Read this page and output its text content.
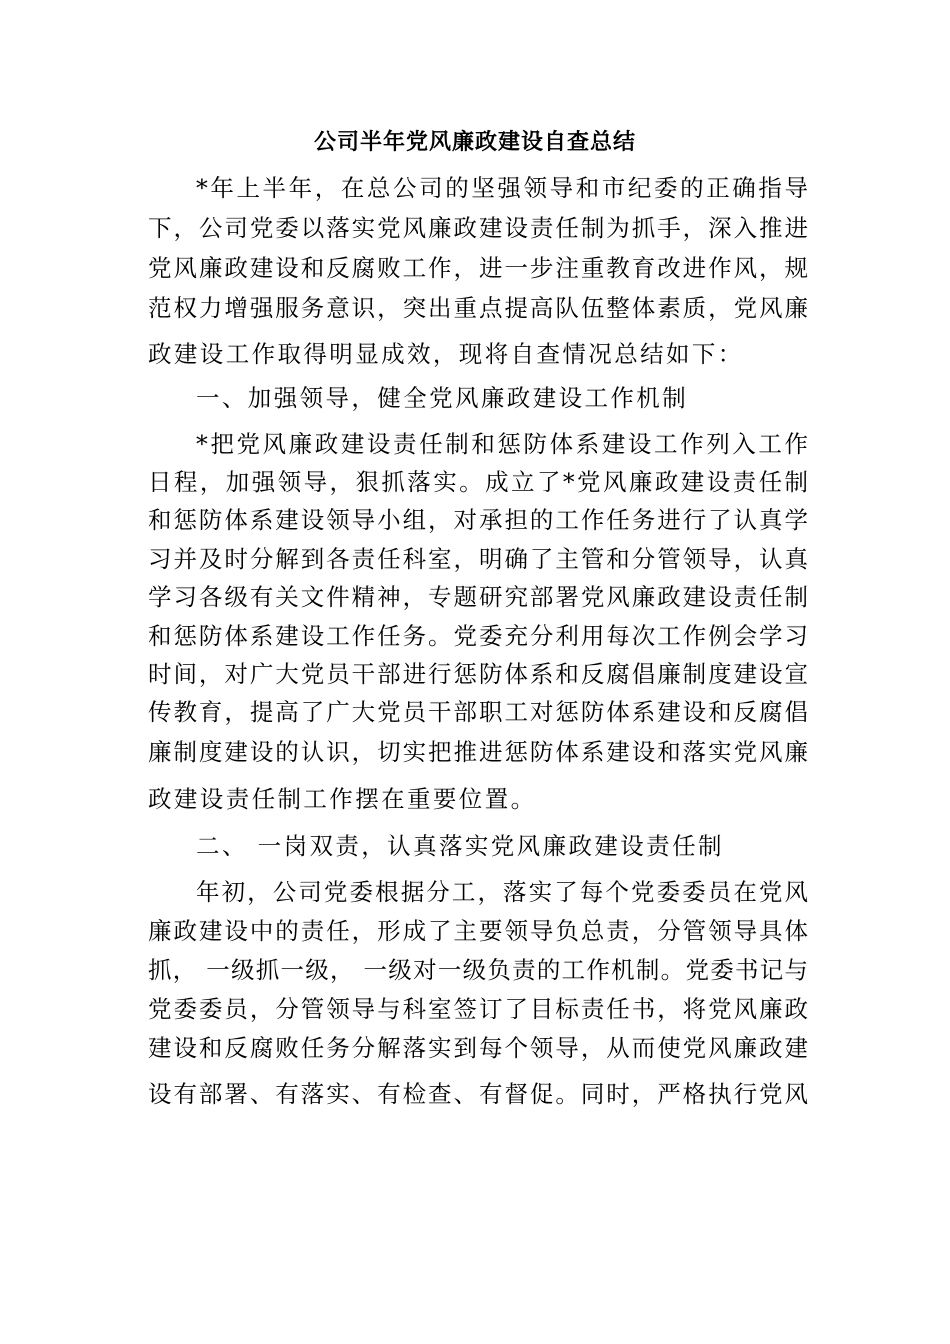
公司半年党风廉政建设自查总结
*年上半年，在总公司的坚强领导和市纪委的正确指导
下，公司党委以落实党风廉政建设责任制为抓手，深入推进
党风廉政建设和反腐败工作，进一步注重教育改进作风，规
范权力增强服务意识，突出重点提高队伍整体素质，党风廉
政建设工作取得明显成效，现将自查情况总结如下：
一、加强领导，健全党风廉政建设工作机制
*把党风廉政建设责任制和惩防体系建设工作列入工作
日程，加强领导，狠抓落实。成立了*党风廉政建设责任制
和惩防体系建设领导小组，对承担的工作任务进行了认真学
习并及时分解到各责任科室，明确了主管和分管领导，认真
学习各级有关文件精神，专题研究部署党风廉政建设责任制
和惩防体系建设工作任务。党委充分利用每次工作例会学习
时间，对广大党员干部进行惩防体系和反腐倡廉制度建设宣
传教育，提高了广大党员干部职工对惩防体系建设和反腐倡
廉制度建设的认识，切实把推进惩防体系建设和落实党风廉
政建设责任制工作摆在重要位置。
二、 一岗双责，认真落实党风廉政建设责任制
年初，公司党委根据分工，落实了每个党委委员在党风
廉政建设中的责任，形成了主要领导负总责，分管领导具体
抓， 一级抓一级， 一级对一级负责的工作机制。党委书记与
党委委员，分管领导与科室签订了目标责任书，将党风廉政
建设和反腐败任务分解落实到每个领导，从而使党风廉政建
设有部署、有落实、有检查、有督促。同时，严格执行党风
